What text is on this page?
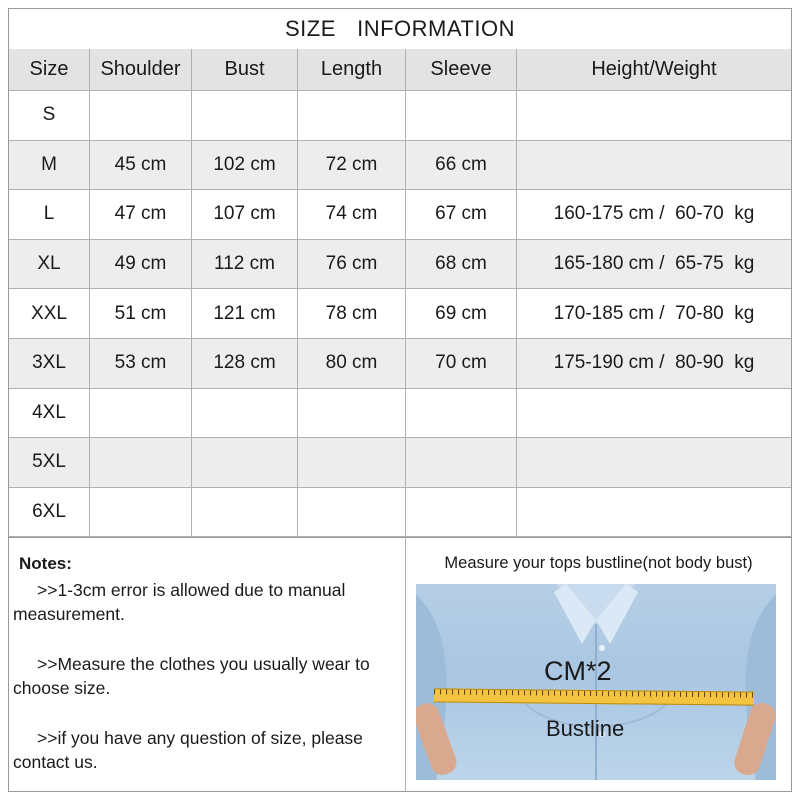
SIZE  INFORMATION
Size	Shoulder	Bust	Length	Sleeve	Height/Weight
S					
M	45 cm	102 cm	72 cm	66 cm	
L	47 cm	107 cm	74 cm	67 cm	160-175 cm /  60-70  kg
XL	49 cm	112 cm	76 cm	68 cm	165-180 cm /  65-75  kg
XXL	51 cm	121 cm	78 cm	69 cm	170-185 cm /  70-80  kg
3XL	53 cm	128 cm	80 cm	70 cm	175-190 cm /  80-90  kg
4XL					
5XL					
6XL					
Notes:

>>1-3cm error is allowed due to manual measurement.

>>Measure the clothes you usually wear to choose size.

>>if you have any question of size, please contact us.

Measure your tops bustline(not body bust)
CM*2
Bustline
